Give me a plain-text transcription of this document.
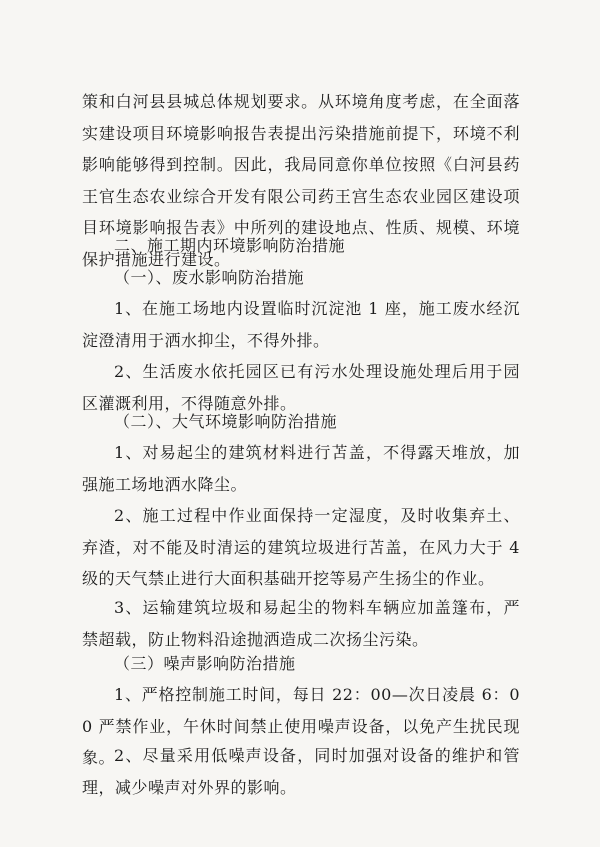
策和白河县县城总体规划要求。从环境角度考虑，在全面落实建设项目环境影响报告表提出污染措施前提下，环境不利影响能够得到控制。因此，我局同意你单位按照《白河县药王官生态农业综合开发有限公司药王宫生态农业园区建设项目环境影响报告表》中所列的建设地点、性质、规模、环境保护措施进行建设。

二、施工期内环境影响防治措施

（一）、废水影响防治措施

1、在施工场地内设置临时沉淀池 1 座，施工废水经沉淀澄清用于洒水抑尘，不得外排。

2、生活废水依托园区已有污水处理设施处理后用于园区灌溉利用，不得随意外排。

（二）、大气环境影响防治措施

1、对易起尘的建筑材料进行苫盖，不得露天堆放，加强施工场地洒水降尘。

2、施工过程中作业面保持一定湿度，及时收集弃土、弃渣，对不能及时清运的建筑垃圾进行苫盖，在风力大于 4 级的天气禁止进行大面积基础开挖等易产生扬尘的作业。

3、运输建筑垃圾和易起尘的物料车辆应加盖篷布，严禁超载，防止物料沿途抛洒造成二次扬尘污染。

（三）噪声影响防治措施

1、严格控制施工时间，每日 22：00—次日凌晨 6：00 严禁作业，午休时间禁止使用噪声设备，以免产生扰民现象。

2、尽量采用低噪声设备，同时加强对设备的维护和管理，减少噪声对外界的影响。
